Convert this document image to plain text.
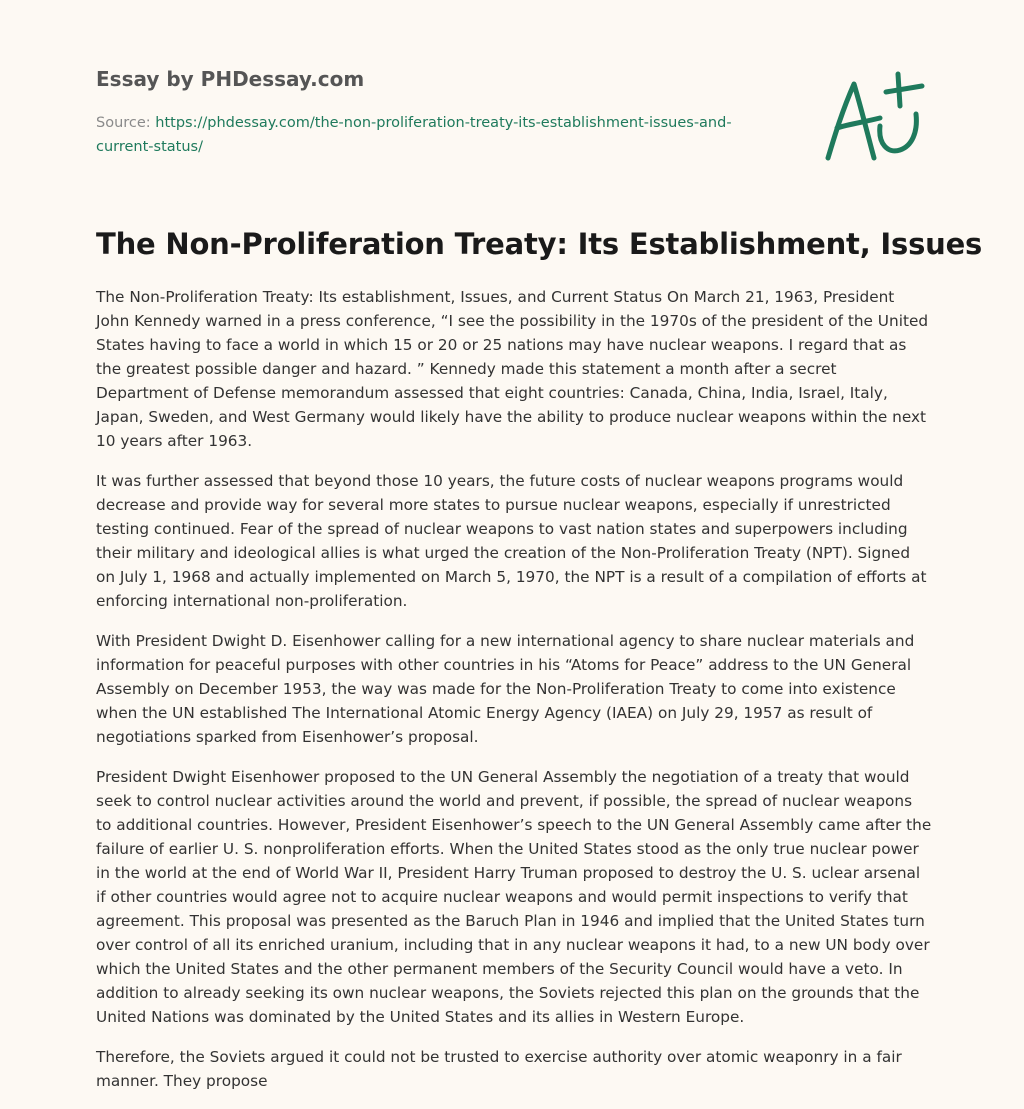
Essay by PHDessay.com
Source: https://phdessay.com/the-non-proliferation-treaty-its-establishment-issues-and-current-status/
The Non-Proliferation Treaty: Its Establishment, Issues

The Non-Proliferation Treaty: Its establishment, Issues, and Current Status On March 21, 1963, President John Kennedy warned in a press conference, “I see the possibility in the 1970s of the president of the United States having to face a world in which 15 or 20 or 25 nations may have nuclear weapons. I regard that as the greatest possible danger and hazard. ” Kennedy made this statement a month after a secret Department of Defense memorandum assessed that eight countries: Canada, China, India, Israel, Italy, Japan, Sweden, and West Germany would likely have the ability to produce nuclear weapons within the next 10 years after 1963.

It was further assessed that beyond those 10 years, the future costs of nuclear weapons programs would decrease and provide way for several more states to pursue nuclear weapons, especially if unrestricted testing continued. Fear of the spread of nuclear weapons to vast nation states and superpowers including their military and ideological allies is what urged the creation of the Non-Proliferation Treaty (NPT). Signed on July 1, 1968 and actually implemented on March 5, 1970, the NPT is a result of a compilation of efforts at enforcing international non-proliferation.

With President Dwight D. Eisenhower calling for a new international agency to share nuclear materials and information for peaceful purposes with other countries in his “Atoms for Peace” address to the UN General Assembly on December 1953, the way was made for the Non-Proliferation Treaty to come into existence when the UN established The International Atomic Energy Agency (IAEA) on July 29, 1957 as result of negotiations sparked from Eisenhower’s proposal.

President Dwight Eisenhower proposed to the UN General Assembly the negotiation of a treaty that would seek to control nuclear activities around the world and prevent, if possible, the spread of nuclear weapons to additional countries. However, President Eisenhower’s speech to the UN General Assembly came after the failure of earlier U. S. nonproliferation efforts. When the United States stood as the only true nuclear power in the world at the end of World War II, President Harry Truman proposed to destroy the U. S. uclear arsenal if other countries would agree not to acquire nuclear weapons and would permit inspections to verify that agreement. This proposal was presented as the Baruch Plan in 1946 and implied that the United States turn over control of all its enriched uranium, including that in any nuclear weapons it had, to a new UN body over which the United States and the other permanent members of the Security Council would have a veto. In addition to already seeking its own nuclear weapons, the Soviets rejected this plan on the grounds that the United Nations was dominated by the United States and its allies in Western Europe.

Therefore, the Soviets argued it could not be trusted to exercise authority over atomic weaponry in a fair manner. They propose
